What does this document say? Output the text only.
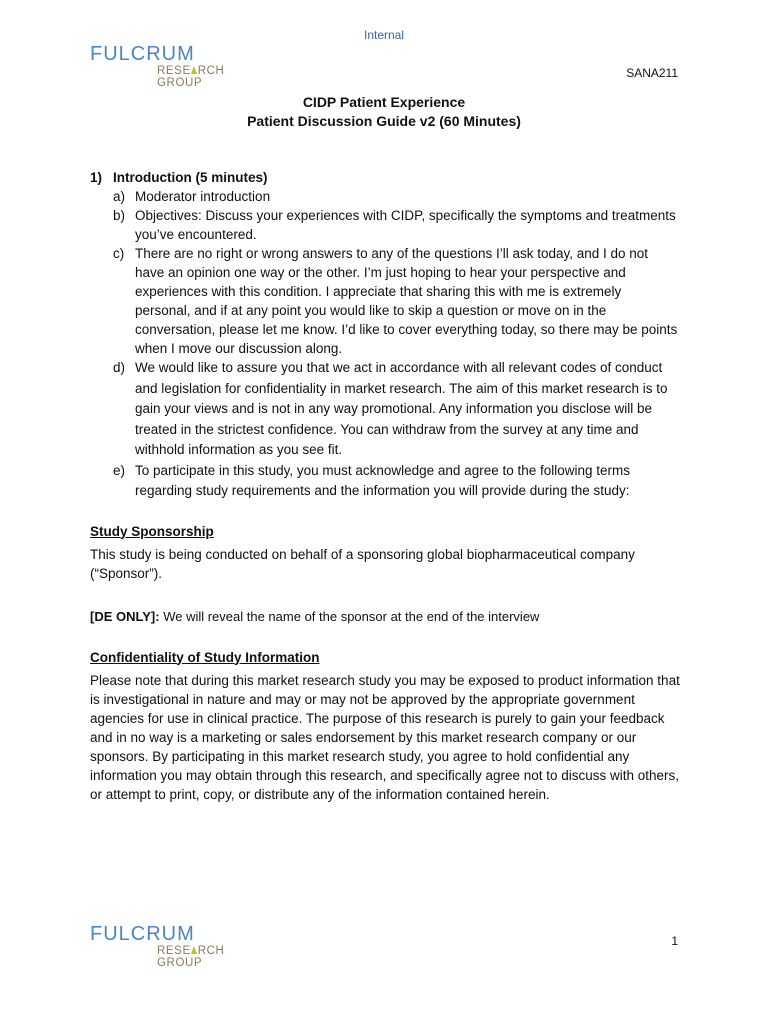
Internal
FULCRUM
RESE RCH GROUP
SANA211
CIDP Patient Experience
Patient Discussion Guide v2 (60 Minutes)
1) Introduction (5 minutes)
a) Moderator introduction
b) Objectives: Discuss your experiences with CIDP, specifically the symptoms and treatments you’ve encountered.
c) There are no right or wrong answers to any of the questions I’ll ask today, and I do not have an opinion one way or the other. I’m just hoping to hear your perspective and experiences with this condition. I appreciate that sharing this with me is extremely personal, and if at any point you would like to skip a question or move on in the conversation, please let me know. I’d like to cover everything today, so there may be points when I move our discussion along.
d) We would like to assure you that we act in accordance with all relevant codes of conduct and legislation for confidentiality in market research. The aim of this market research is to gain your views and is not in any way promotional. Any information you disclose will be treated in the strictest confidence. You can withdraw from the survey at any time and withhold information as you see fit.
e) To participate in this study, you must acknowledge and agree to the following terms regarding study requirements and the information you will provide during the study:

Study Sponsorship

This study is being conducted on behalf of a sponsoring global biopharmaceutical company (“Sponsor”).

[DE ONLY]: We will reveal the name of the sponsor at the end of the interview

Confidentiality of Study Information

Please note that during this market research study you may be exposed to product information that is investigational in nature and may or may not be approved by the appropriate government agencies for use in clinical practice. The purpose of this research is purely to gain your feedback and in no way is a marketing or sales endorsement by this market research company or our sponsors. By participating in this market research study, you agree to hold confidential any information you may obtain through this research, and specifically agree not to discuss with others, or attempt to print, copy, or distribute any of the information contained herein.

FULCRUM
RESE RCH GROUP
1
